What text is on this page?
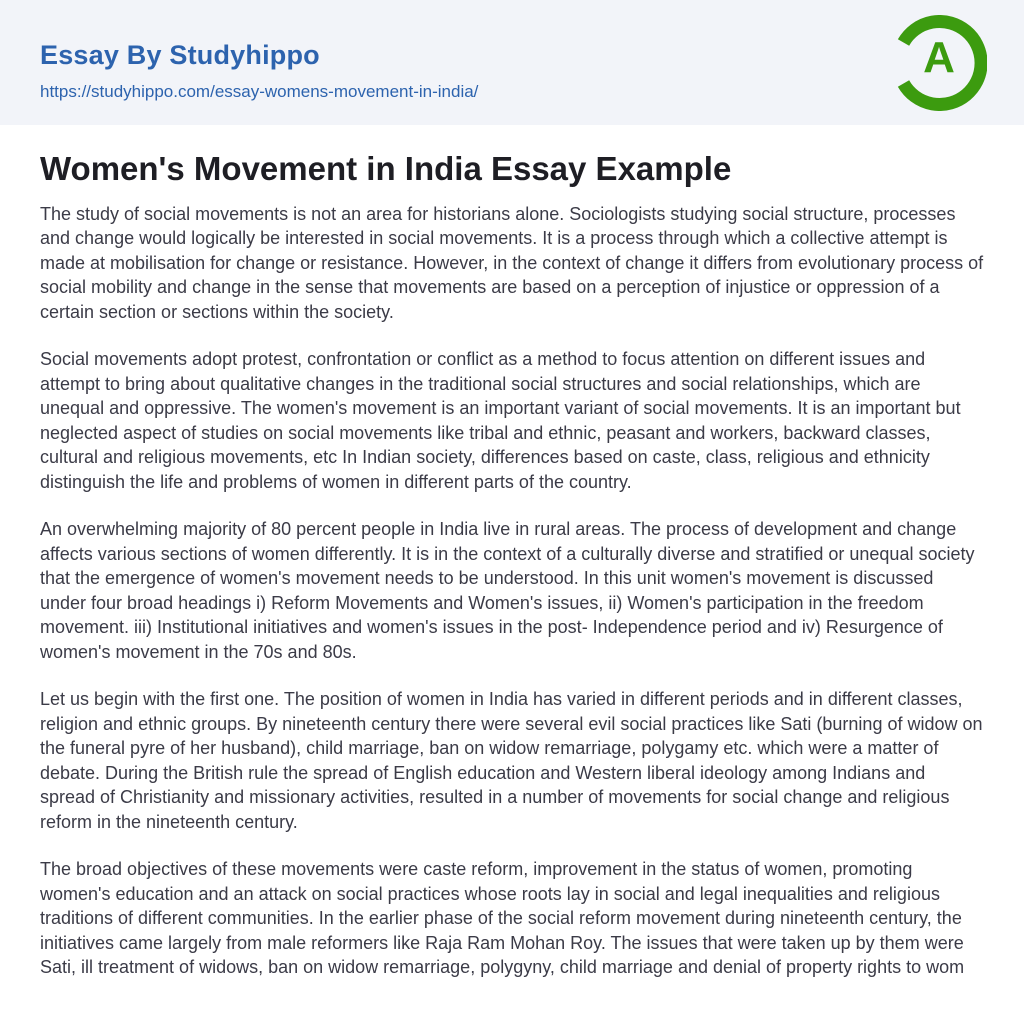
Essay By Studyhippo
https://studyhippo.com/essay-womens-movement-in-india/
A
Women's Movement in India Essay Example

The study of social movements is not an area for historians alone. Sociologists studying social structure, processes and change would logically be interested in social movements. It is a process through which a collective attempt is made at mobilisation for change or resistance. However, in the context of change it differs from evolutionary process of social mobility and change in the sense that movements are based on a perception of injustice or oppression of a certain section or sections within the society.

Social movements adopt protest, confrontation or conflict as a method to focus attention on different issues and attempt to bring about qualitative changes in the traditional social structures and social relationships, which are unequal and oppressive. The women's movement is an important variant of social movements. It is an important but neglected aspect of studies on social movements like tribal and ethnic, peasant and workers, backward classes, cultural and religious movements, etc In Indian society, differences based on caste, class, religious and ethnicity distinguish the life and problems of women in different parts of the country.

An overwhelming majority of 80 percent people in India live in rural areas. The process of development and change affects various sections of women differently. It is in the context of a culturally diverse and stratified or unequal society that the emergence of women's movement needs to be understood. In this unit women's movement is discussed under four broad headings i) Reform Movements and Women's issues, ii) Women's participation in the freedom movement. iii) Institutional initiatives and women's issues in the post- Independence period and iv) Resurgence of women's movement in the 70s and 80s.

Let us begin with the first one. The position of women in India has varied in different periods and in different classes, religion and ethnic groups. By nineteenth century there were several evil social practices like Sati (burning of widow on the funeral pyre of her husband), child marriage, ban on widow remarriage, polygamy etc. which were a matter of debate. During the British rule the spread of English education and Western liberal ideology among Indians and spread of Christianity and missionary activities, resulted in a number of movements for social change and religious reform in the nineteenth century.

The broad objectives of these movements were caste reform, improvement in the status of women, promoting women's education and an attack on social practices whose roots lay in social and legal inequalities and religious traditions of different communities. In the earlier phase of the social reform movement during nineteenth century, the initiatives came largely from male reformers like Raja Ram Mohan Roy. The issues that were taken up by them were Sati, ill treatment of widows, ban on widow remarriage, polygyny, child marriage and denial of property rights to wom
